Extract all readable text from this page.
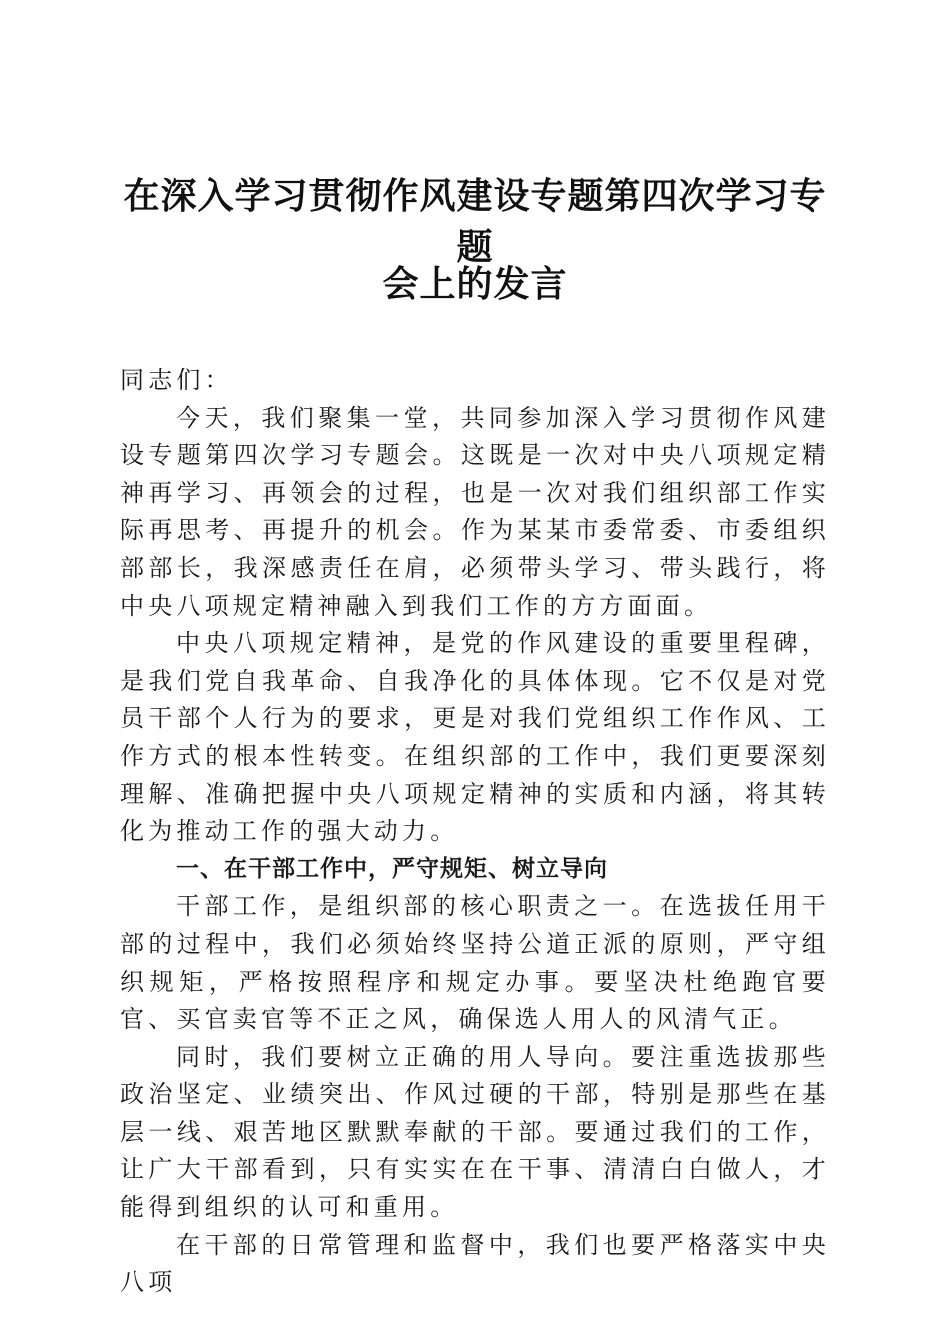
在深入学习贯彻作风建设专题第四次学习专题
会上的发言

同志们：

今天，我们聚集一堂，共同参加深入学习贯彻作风建设专题第四次学习专题会。这既是一次对中央八项规定精神再学习、再领会的过程，也是一次对我们组织部工作实际再思考、再提升的机会。作为某某市委常委、市委组织部部长，我深感责任在肩，必须带头学习、带头践行，将中央八项规定精神融入到我们工作的方方面面。

中央八项规定精神，是党的作风建设的重要里程碑，是我们党自我革命、自我净化的具体体现。它不仅是对党员干部个人行为的要求，更是对我们党组织工作作风、工作方式的根本性转变。在组织部的工作中，我们更要深刻理解、准确把握中央八项规定精神的实质和内涵，将其转化为推动工作的强大动力。

一、在干部工作中，严守规矩、树立导向

干部工作，是组织部的核心职责之一。在选拔任用干部的过程中，我们必须始终坚持公道正派的原则，严守组织规矩，严格按照程序和规定办事。要坚决杜绝跑官要官、买官卖官等不正之风，确保选人用人的风清气正。

同时，我们要树立正确的用人导向。要注重选拔那些政治坚定、业绩突出、作风过硬的干部，特别是那些在基层一线、艰苦地区默默奉献的干部。要通过我们的工作，让广大干部看到，只有实实在在干事、清清白白做人，才能得到组织的认可和重用。

在干部的日常管理和监督中，我们也要严格落实中央八项
